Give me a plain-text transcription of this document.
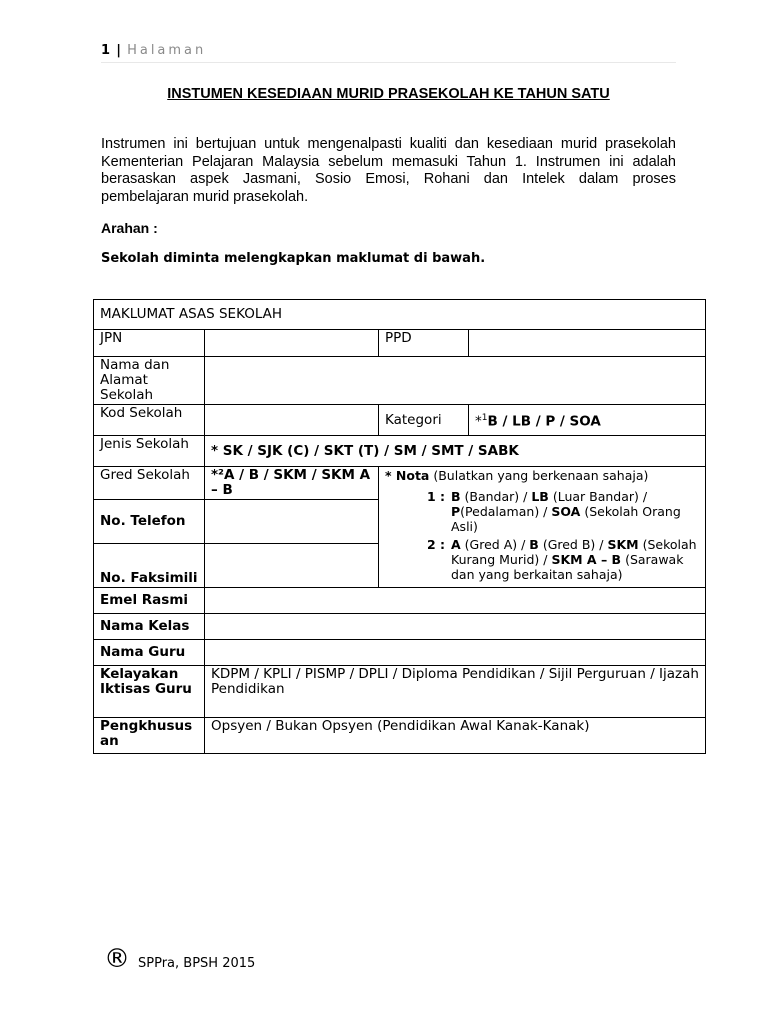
1 | Halaman
INSTUMEN KESEDIAAN MURID PRASEKOLAH KE TAHUN SATU
Instrumen ini bertujuan untuk mengenalpasti kualiti dan kesediaan murid prasekolah Kementerian Pelajaran Malaysia sebelum memasuki Tahun 1. Instrumen ini adalah berasaskan aspek Jasmani, Sosio Emosi, Rohani dan Intelek dalam proses pembelajaran murid prasekolah.
Arahan :
Sekolah diminta melengkapkan maklumat di bawah.
MAKLUMAT ASAS SEKOLAH			
JPN		PPD	
Nama dan Alamat Sekolah			
Kod Sekolah		Kategori	*$^1$B / LB / P / SOA
Jenis Sekolah	* SK / SJK (C) / SKT (T) / SM / SMT / SABK		
Gred Sekolah	*²A / B / SKM / SKM A – B	* Nota (Bulatkan yang berkenaan sahaja)
1 : B (Bandar) / LB (Luar Bandar) / P(Pedalaman) / SOA (Sekolah Orang Asli)
2 : A (Gred A) / B (Gred B) / SKM (Sekolah Kurang Murid) / SKM A – B (Sarawak dan yang berkaitan sahaja)	

No. Telefon			
No. Faksimili			
Emel Rasmi			
Nama Kelas			
Nama Guru			
Kelayakan Iktisas Guru	KDPM / KPLI / PISMP / DPLI / Diploma Pendidikan / Sijil Perguruan / Ijazah Pendidikan		
Pengkhususan	Opsyen / Bukan Opsyen (Pendidikan Awal Kanak-Kanak)		
® SPPra, BPSH 2015
